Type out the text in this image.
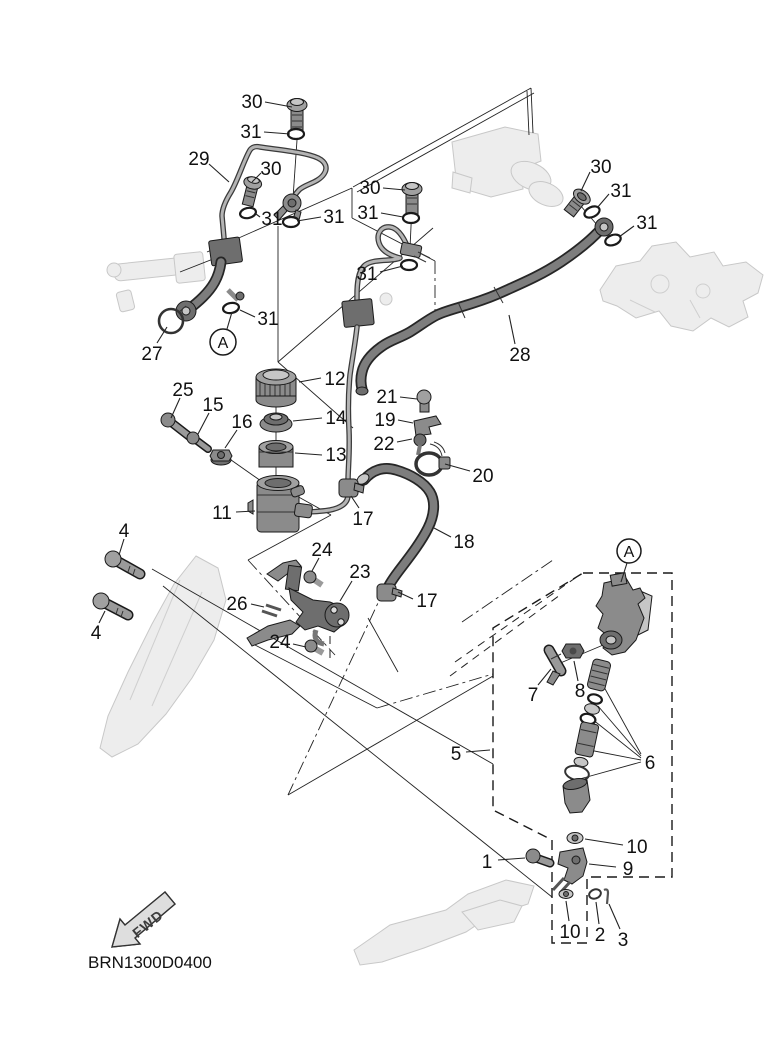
FWD
BRN1300D0400
30
31
29	30
31 31
30
31
31
30
31
31
28
27
31
12
25
15
16	14
13
21
19
22
20
11	17
18
24
23
26
24
17
4
4
5
7 8
6
10
9
1
10 2 3
A
A
